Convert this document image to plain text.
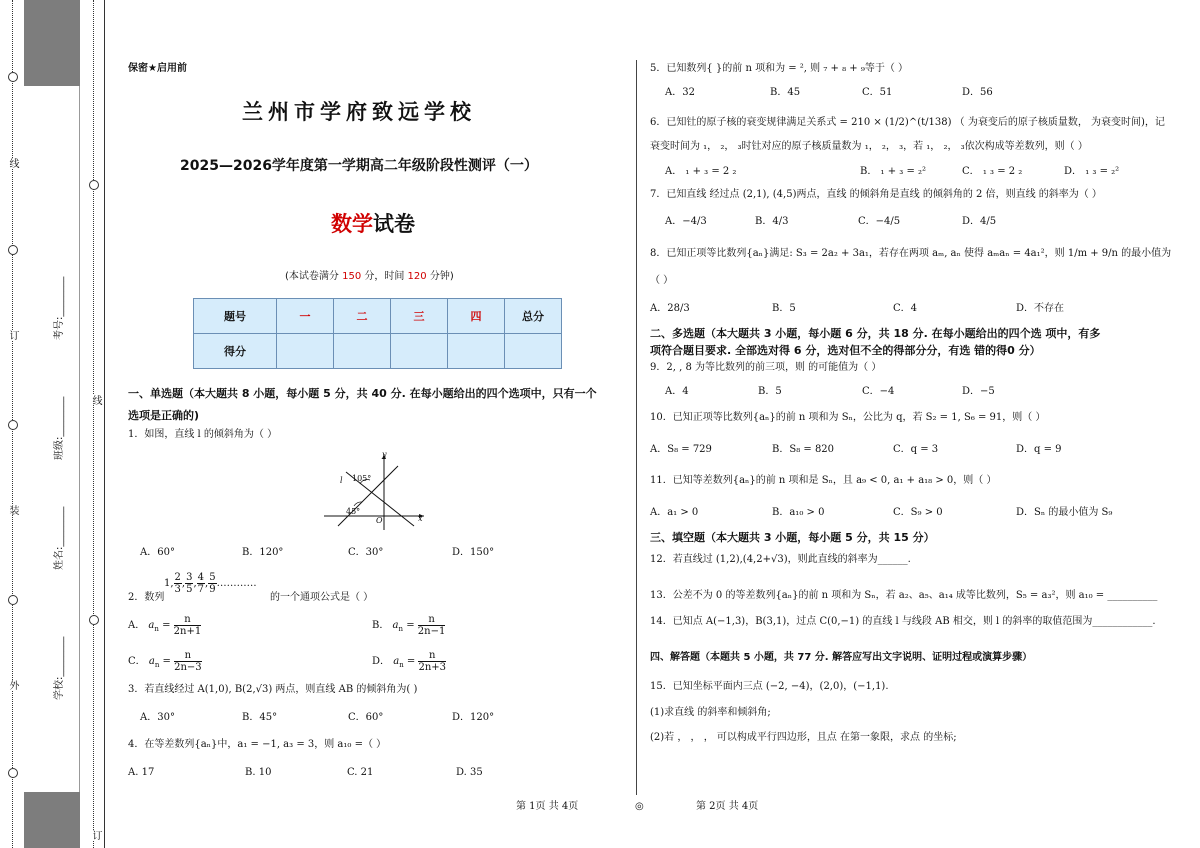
线
订
装
外
考号:________
班级:________
姓名:________
学校:________
线
订
保密★启用前
兰州市学府致远学校
2025—2026学年度第一学期高二年级阶段性测评（一）
数学试卷
(本试卷满分 150 分，时间 120 分钟)
题号	一	二	三	四	总分
得分					
一、单选题（本大题共 8 小题，每小题 5 分，共 40 分. 在每小题给出的四个选项中，只有一个
选项是正确的)
1．如图，直线 l 的倾斜角为（ ）
y
x
O
l 105°
45°
A．60°	B．120°	C．30°	D．150°
2．数列
1, $\frac{2}{3}$ , $\frac{3}{5}$ , $\frac{4}{7}$ , $\frac{5}{9}$ …………
的一个通项公式是（ ）
A． $a_n = \frac{n}{2n+1}$	B． $a_n = \frac{n}{2n-1}$
C． $a_n = \frac{n}{2n-3}$	D． $a_n = \frac{n}{2n+3}$
3．若直线经过 A(1,0), B(2,√3) 两点，则直线 AB 的倾斜角为( )
A．30°	B．45°	C．60°	D．120°
4．在等差数列{aₙ}中，a₁ = −1, a₃ = 3，则 a₁₀ =（ ）
A. 17	B. 10	C. 21	D. 35
5．已知数列{ }的前 n 项和为 = ², 则 ₇ + ₈ + ₉等于（ ）
A．32	B．45	C．51	D．56
6．已知钍的原子核的衰变规律满足关系式 = 210 × (1/2)^(t/138) （ 为衰变后的原子核质量数， 为衰变时间)，记
衰变时间为 ₁， ₂， ₃时钍对应的原子核质量数为 ₁， ₂， ₃，若 ₁， ₂， ₃依次构成等差数列，则（ ）
A． ₁ + ₃ = 2 ₂	B． ₁ + ₃ = ₂²	C． ₁ ₃ = 2 ₂	D． ₁ ₃ = ₂²
7．已知直线 经过点 (2,1), (4,5)两点，直线 的倾斜角是直线 的倾斜角的 2 倍，则直线 的斜率为（ ）
A．−4/3	B．4/3	C．−4/5	D．4/5
8．已知正项等比数列{aₙ}满足: S₃ = 2a₂ + 3a₁，若存在两项 aₘ, aₙ 使得 aₘaₙ = 4a₁²，则 1/m + 9/n 的最小值为
（ ）
A．28/3	B．5	C．4	D．不存在
二、多选题（本大题共 3 小题，每小题 6 分，共 18 分. 在每小题给出的四个选 项中，有多
项符合题目要求. 全部选对得 6 分，选对但不全的得部分分，有选 错的得0 分）
9．2, , 8 为等比数列的前三项，则 的可能值为（ ）
A．4	B．5	C．−4	D．−5
10．已知正项等比数列{aₙ}的前 n 项和为 Sₙ，公比为 q，若 S₂ = 1, S₆ = 91，则（ ）
A．S₈ = 729	B．S₈ = 820	C．q = 3	D．q = 9
11．已知等差数列{aₙ}的前 n 项和是 Sₙ，且 a₉ < 0, a₁ + a₁₈ > 0，则（ ）
A．a₁ > 0	B．a₁₀ > 0	C．S₉ > 0	D．Sₙ 的最小值为 S₉
三、填空题（本大题共 3 小题，每小题 5 分，共 15 分）
12．若直线过 (1,2),(4,2+√3)，则此直线的斜率为______.
13．公差不为 0 的等差数列{aₙ}的前 n 项和为 Sₙ，若 a₂、a₅、a₁₄ 成等比数列，S₅ = a₃²，则 a₁₀ = __________
14．已知点 A(−1,3)，B(3,1)，过点 C(0,−1) 的直线 l 与线段 AB 相交，则 l 的斜率的取值范围为____________.
四、解答题（本题共 5 小题，共 77 分. 解答应写出文字说明、证明过程或演算步骤）
15．已知坐标平面内三点 (−2, −4)，(2,0)，(−1,1).
(1)求直线 的斜率和倾斜角;
(2)若 ， ， ， 可以构成平行四边形，且点 在第一象限，求点 的坐标;
第 1页 共 4页	◎	第 2页 共 4页
